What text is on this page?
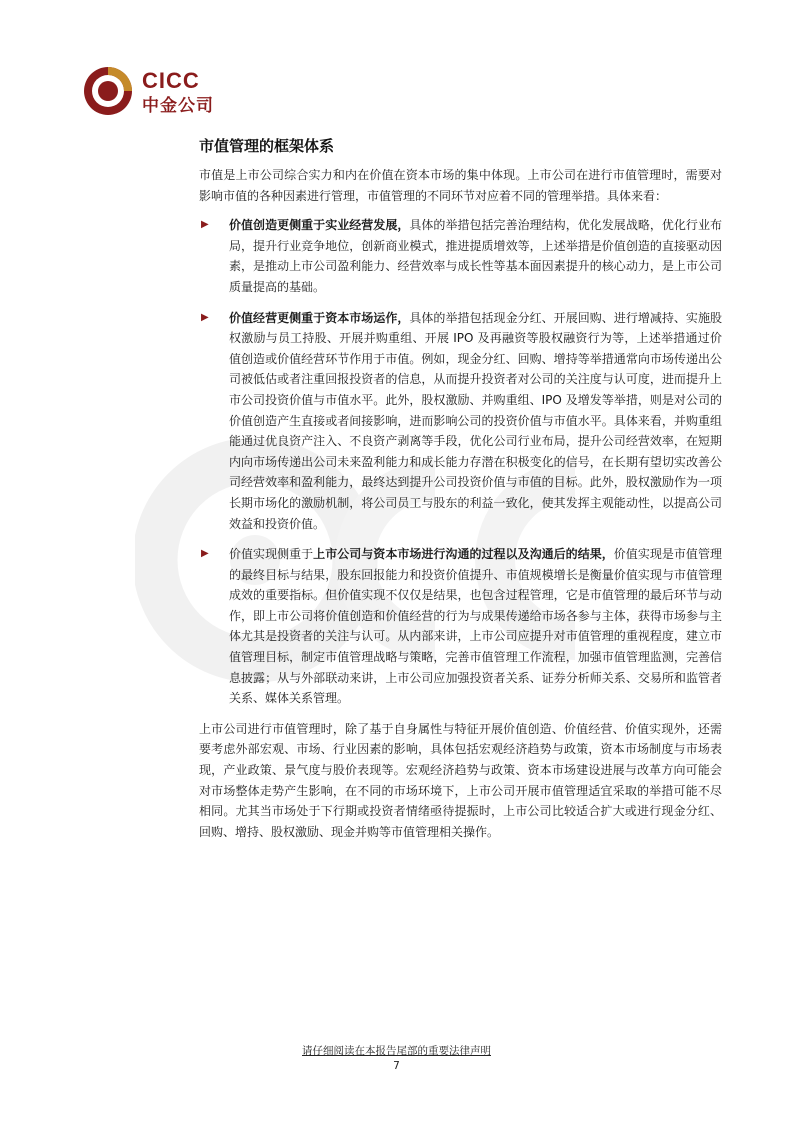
CICC
中金公司
市值管理的框架体系

市值是上市公司综合实力和内在价值在资本市场的集中体现。上市公司在进行市值管理时，需要对影响市值的各种因素进行管理，市值管理的不同环节对应着不同的管理举措。具体来看：

▶ 价值创造更侧重于实业经营发展，具体的举措包括完善治理结构，优化发展战略，优化行业布局，提升行业竞争地位，创新商业模式，推进提质增效等，上述举措是价值创造的直接驱动因素，是推动上市公司盈利能力、经营效率与成长性等基本面因素提升的核心动力，是上市公司质量提高的基础。
▶ 价值经营更侧重于资本市场运作，具体的举措包括现金分红、开展回购、进行增减持、实施股权激励与员工持股、开展并购重组、开展 IPO 及再融资等股权融资行为等，上述举措通过价值创造或价值经营环节作用于市值。例如，现金分红、回购、增持等举措通常向市场传递出公司被低估或者注重回报投资者的信息，从而提升投资者对公司的关注度与认可度，进而提升上市公司投资价值与市值水平。此外，股权激励、并购重组、IPO 及增发等举措，则是对公司的价值创造产生直接或者间接影响，进而影响公司的投资价值与市值水平。具体来看，并购重组能通过优良资产注入、不良资产剥离等手段，优化公司行业布局，提升公司经营效率，在短期内向市场传递出公司未来盈利能力和成长能力存潜在积极变化的信号，在长期有望切实改善公司经营效率和盈利能力，最终达到提升公司投资价值与市值的目标。此外，股权激励作为一项长期市场化的激励机制，将公司员工与股东的利益一致化，使其发挥主观能动性，以提高公司效益和投资价值。
▶ 价值实现侧重于上市公司与资本市场进行沟通的过程以及沟通后的结果，价值实现是市值管理的最终目标与结果，股东回报能力和投资价值提升、市值规模增长是衡量价值实现与市值管理成效的重要指标。但价值实现不仅仅是结果，也包含过程管理，它是市值管理的最后环节与动作，即上市公司将价值创造和价值经营的行为与成果传递给市场各参与主体，获得市场参与主体尤其是投资者的关注与认可。从内部来讲，上市公司应提升对市值管理的重视程度，建立市值管理目标，制定市值管理战略与策略，完善市值管理工作流程，加强市值管理监测，完善信息披露；从与外部联动来讲，上市公司应加强投资者关系、证券分析师关系、交易所和监管者关系、媒体关系管理。

上市公司进行市值管理时，除了基于自身属性与特征开展价值创造、价值经营、价值实现外，还需要考虑外部宏观、市场、行业因素的影响，具体包括宏观经济趋势与政策，资本市场制度与市场表现，产业政策、景气度与股价表现等。宏观经济趋势与政策、资本市场建设进展与改革方向可能会对市场整体走势产生影响，在不同的市场环境下，上市公司开展市值管理适宜采取的举措可能不尽相同。尤其当市场处于下行期或投资者情绪亟待提振时，上市公司比较适合扩大或进行现金分红、回购、增持、股权激励、现金并购等市值管理相关操作。

请仔细阅读在本报告尾部的重要法律声明
7
